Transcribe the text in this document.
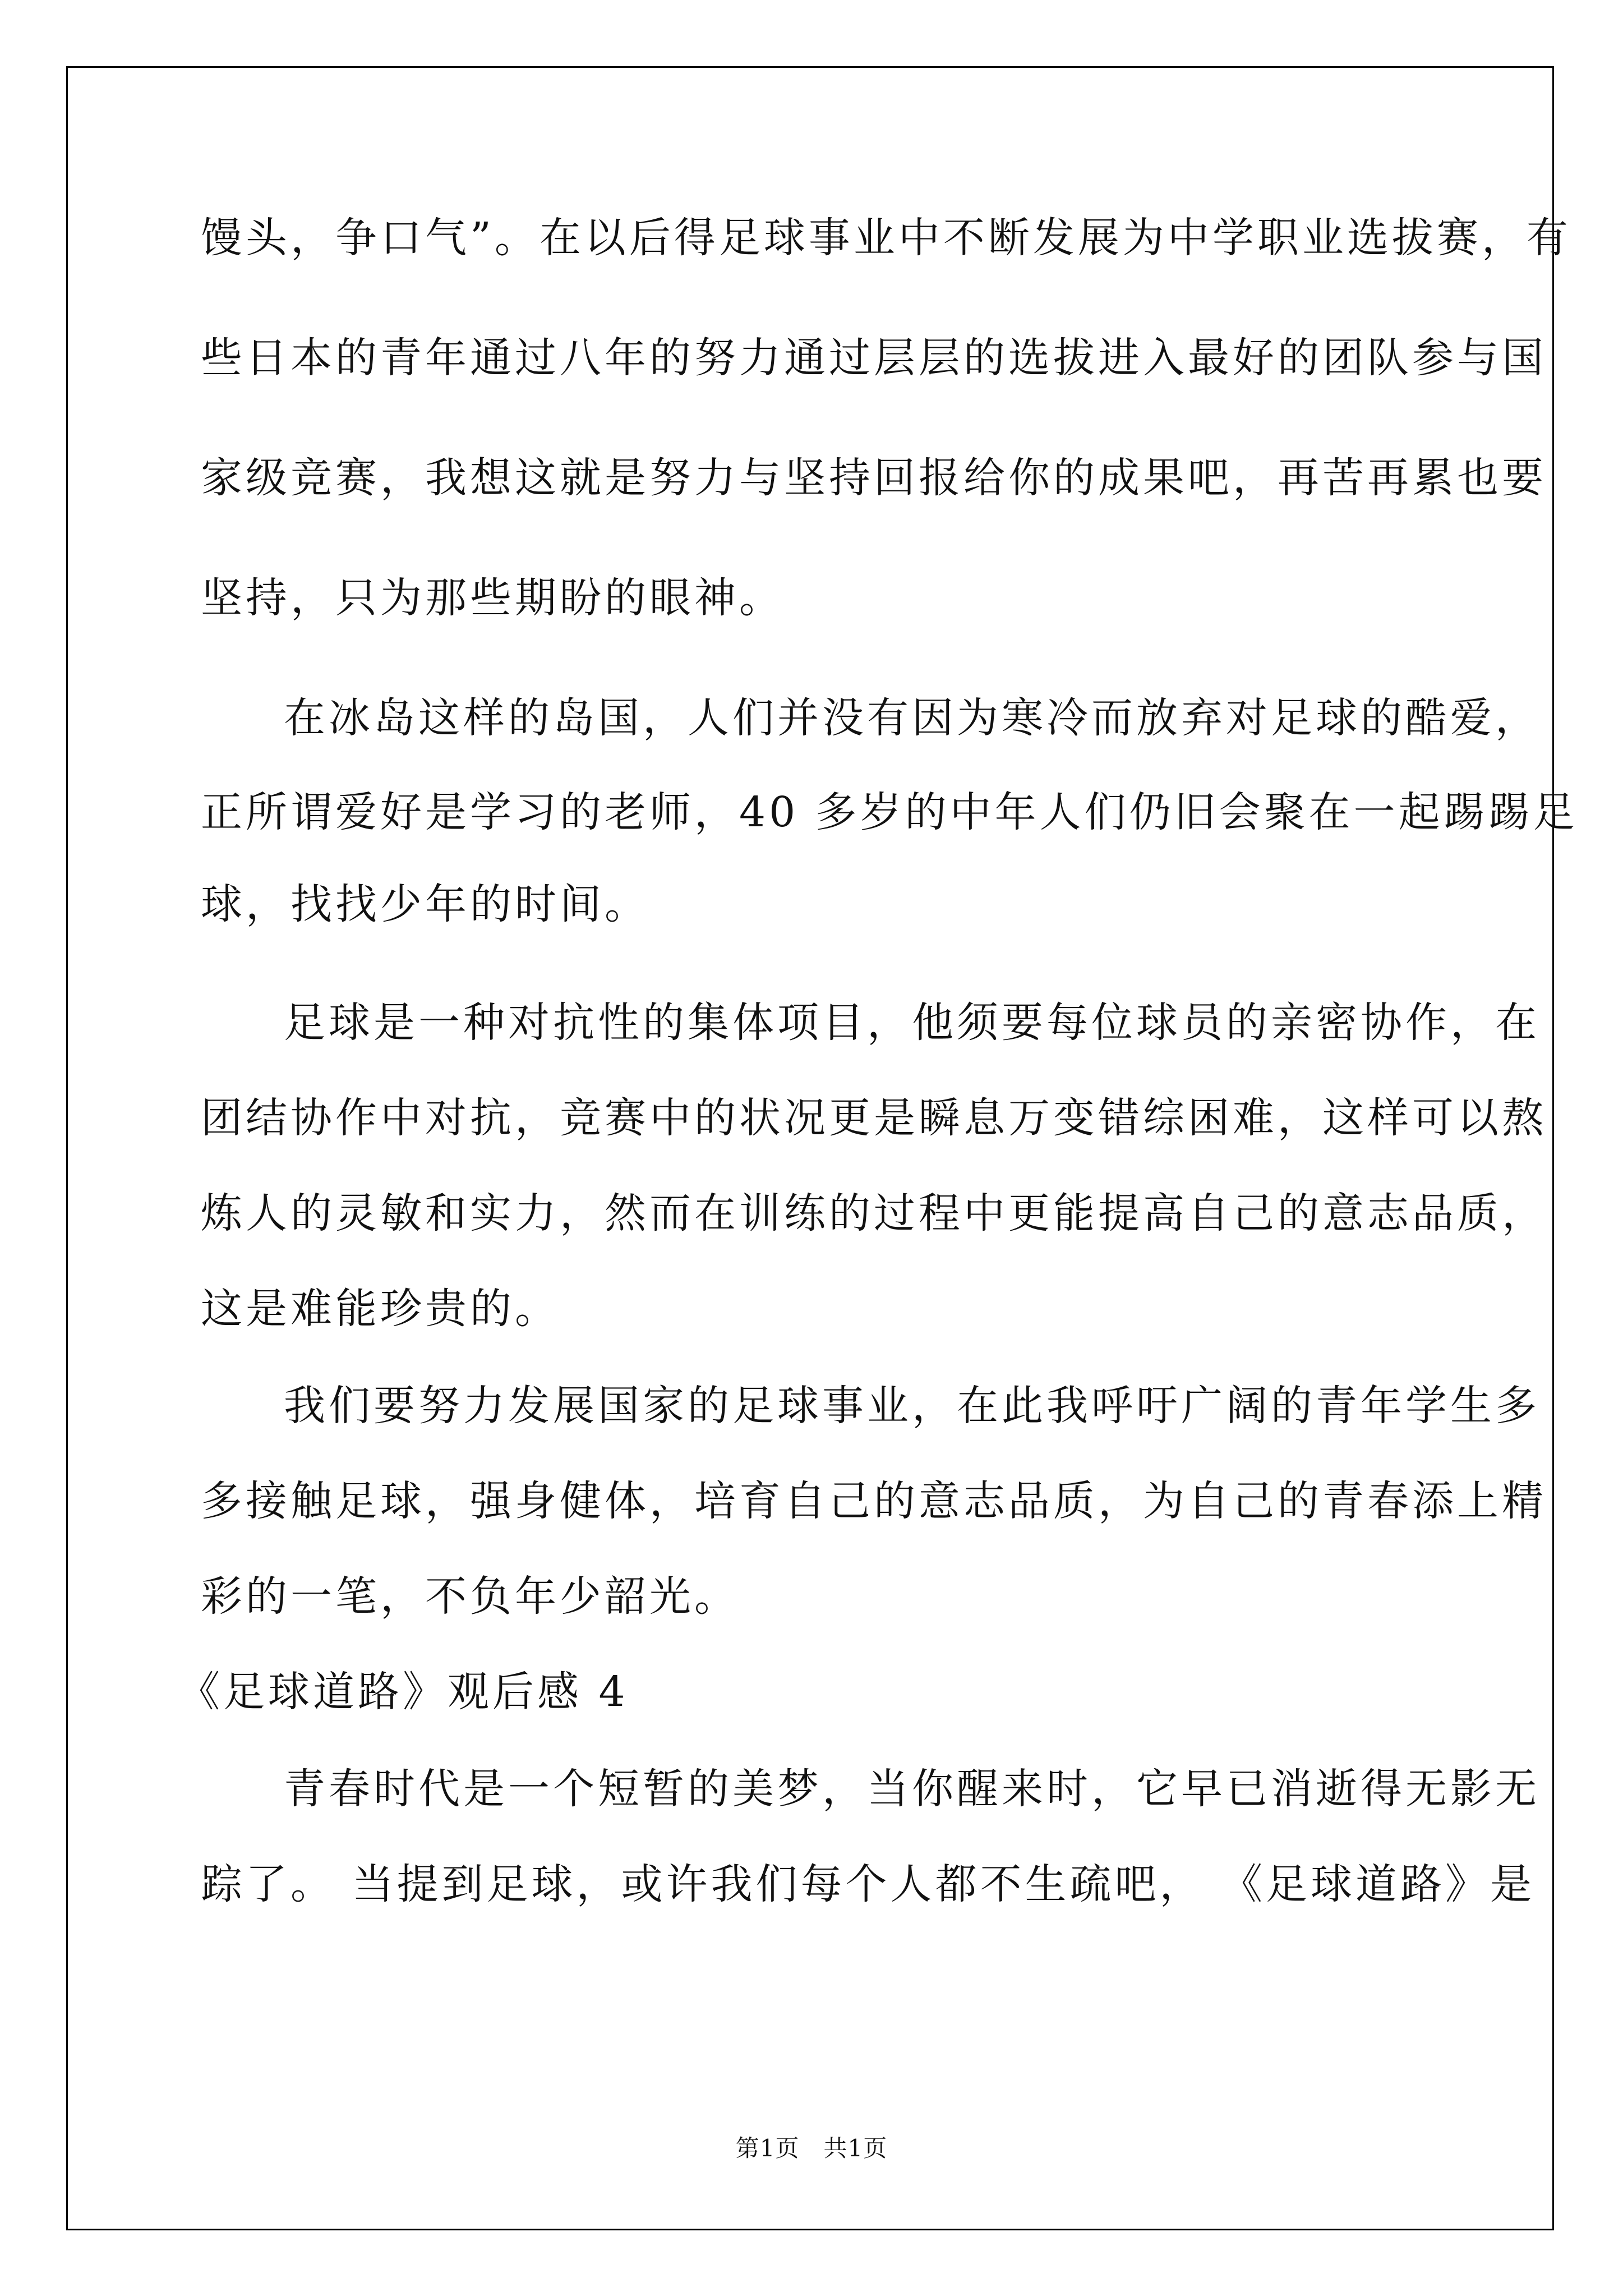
馒头，争口气”。在以后得足球事业中不断发展为中学职业选拔赛，有
些日本的青年通过八年的努力通过层层的选拔进入最好的团队参与国
家级竞赛，我想这就是努力与坚持回报给你的成果吧，再苦再累也要
坚持，只为那些期盼的眼神。
在冰岛这样的岛国，人们并没有因为寒冷而放弃对足球的酷爱，
正所谓爱好是学习的老师，40 多岁的中年人们仍旧会聚在一起踢踢足
球，找找少年的时间。
足球是一种对抗性的集体项目，他须要每位球员的亲密协作，在
团结协作中对抗，竞赛中的状况更是瞬息万变错综困难，这样可以熬
炼人的灵敏和实力，然而在训练的过程中更能提高自己的意志品质，
这是难能珍贵的。
我们要努力发展国家的足球事业，在此我呼吁广阔的青年学生多
多接触足球，强身健体，培育自己的意志品质，为自己的青春添上精
彩的一笔，不负年少韶光。
《足球道路》观后感 4
青春时代是一个短暂的美梦，当你醒来时，它早已消逝得无影无
踪了。 当提到足球，或许我们每个人都不生疏吧， 《足球道路》是
第1页　共1页
